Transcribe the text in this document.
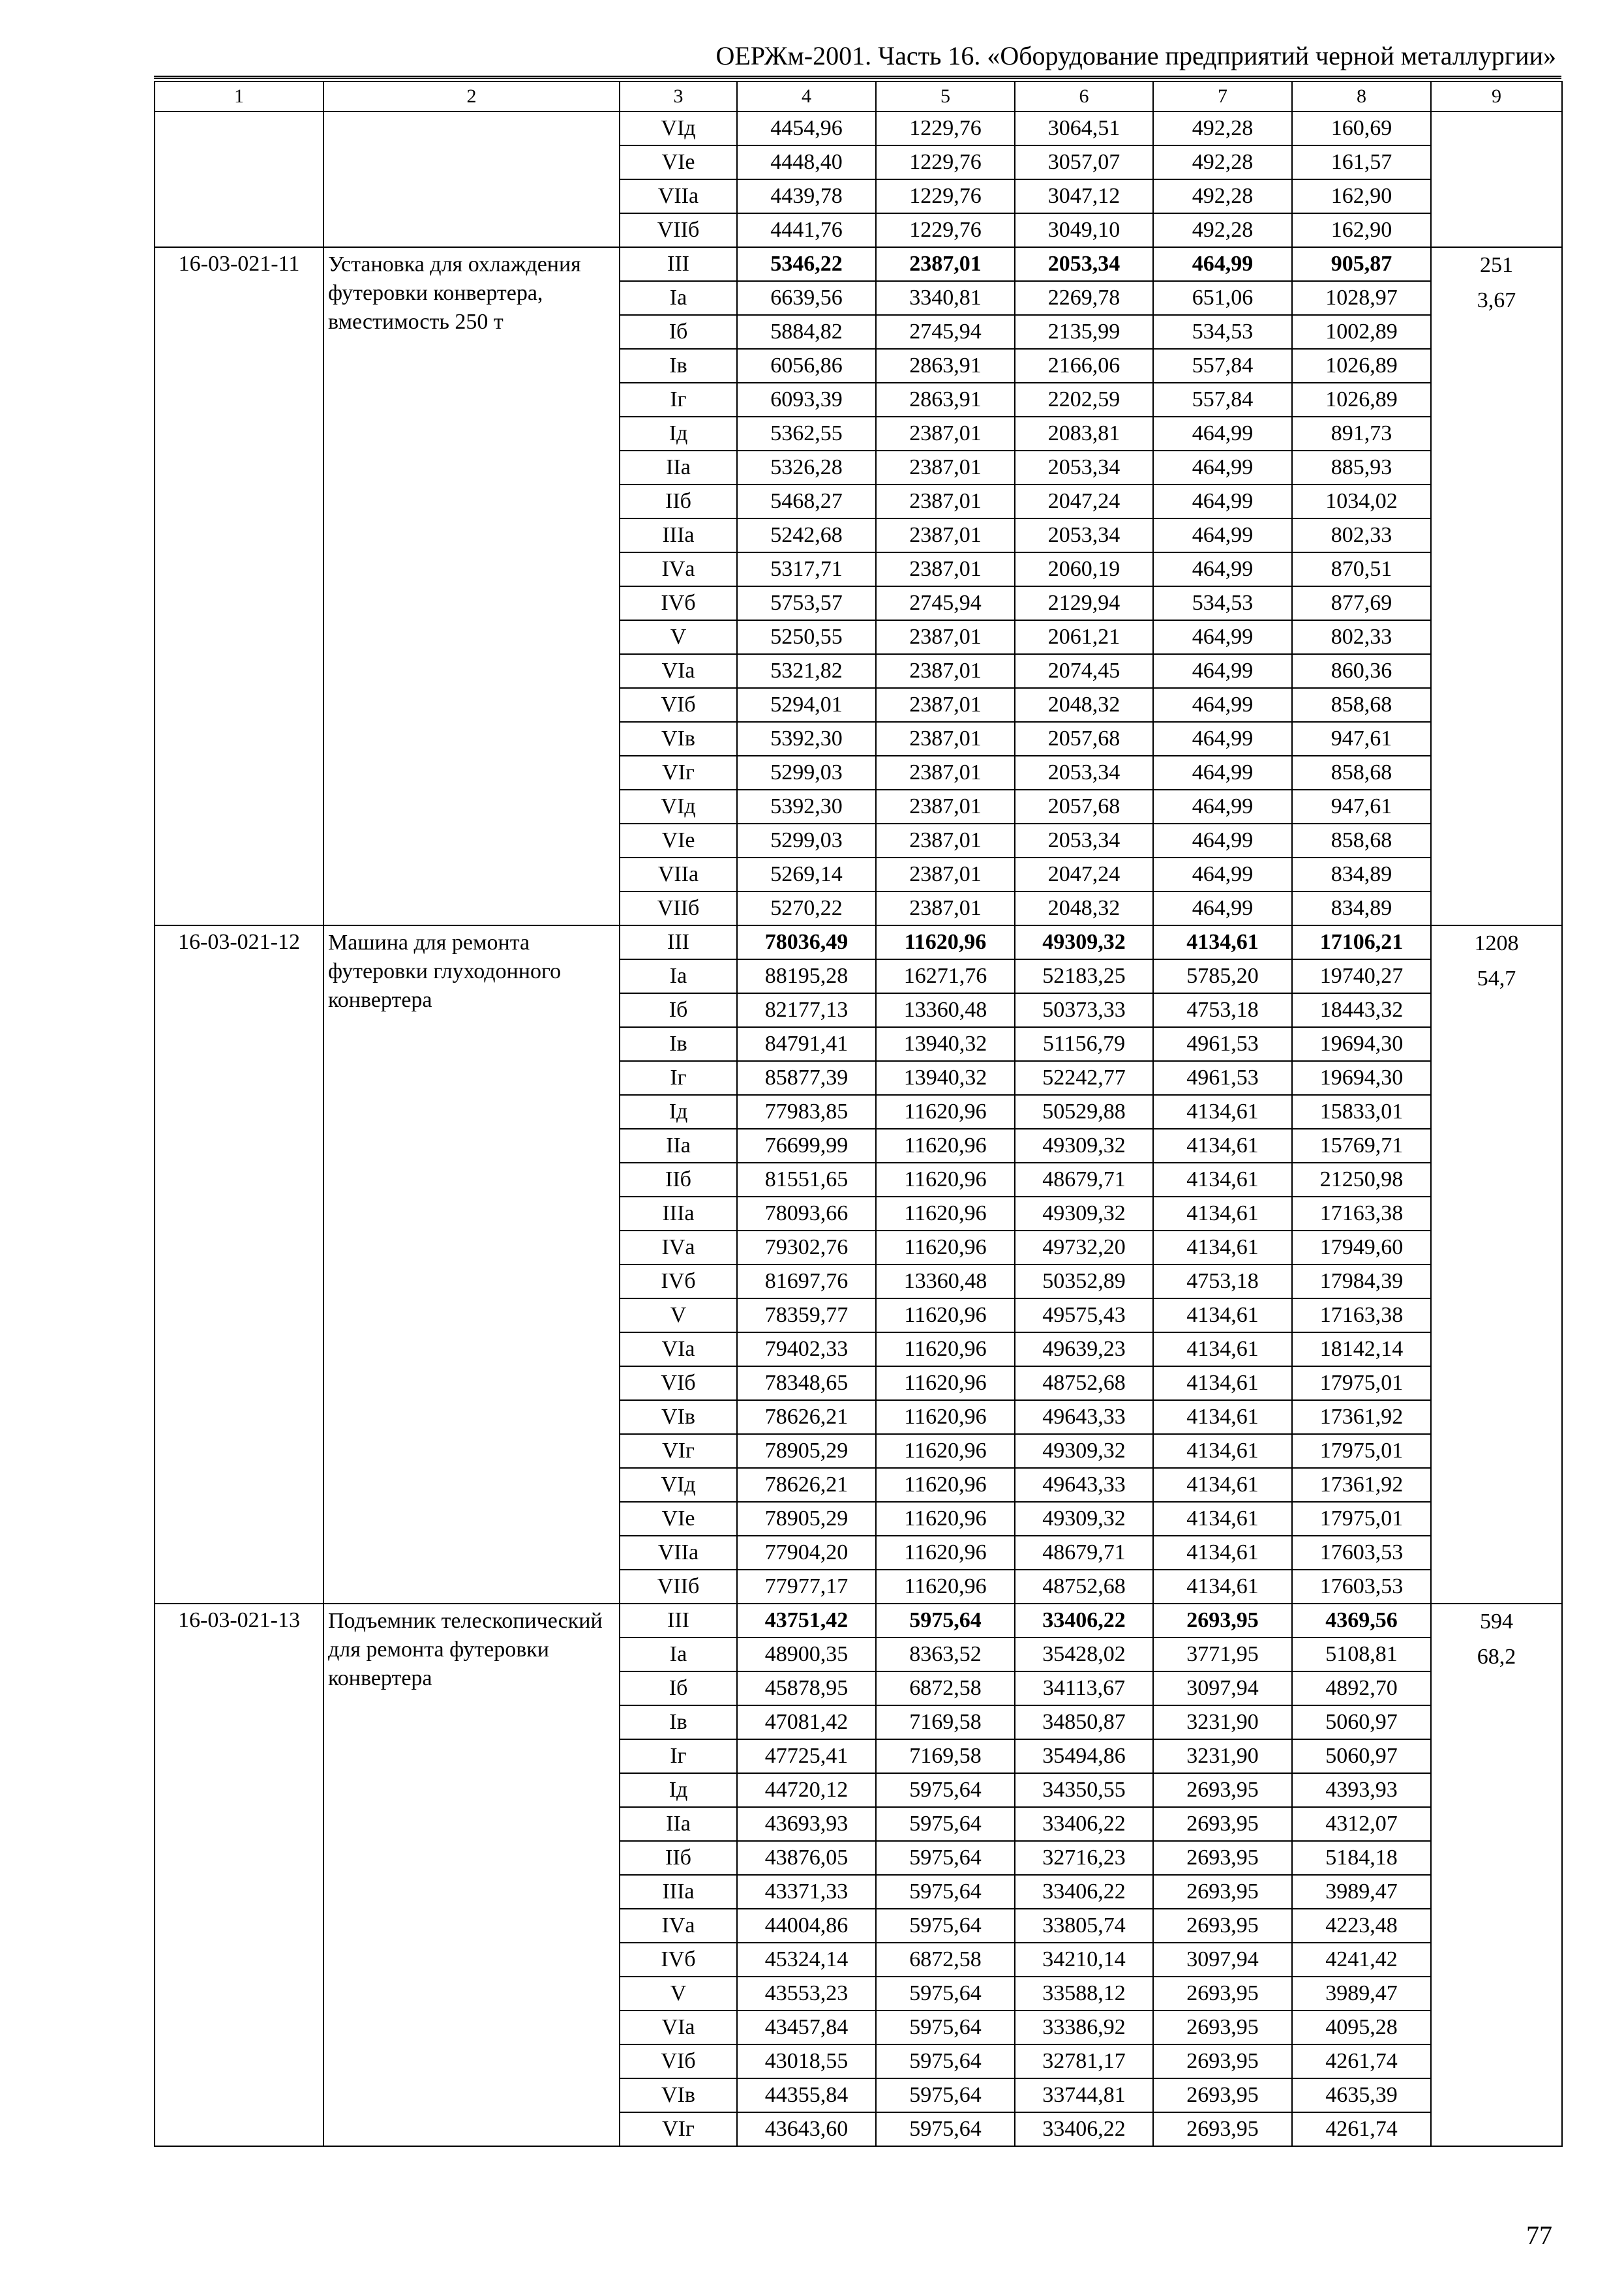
ОЕРЖм-2001. Часть 16. «Оборудование предприятий черной металлургии»
1	2	3	4	5	6	7	8	9
		VIд	4454,96	1229,76	3064,51	492,28	160,69	
		VIе	4448,40	1229,76	3057,07	492,28	161,57	
		VIIа	4439,78	1229,76	3047,12	492,28	162,90	
		VIIб	4441,76	1229,76	3049,10	492,28	162,90	
16-03-021-11	Установка для охлаждения футеровки конвертера, вместимость 250 т	III	5346,22	2387,01	2053,34	464,99	905,87	251
3,67

		Iа	6639,56	3340,81	2269,78	651,06	1028,97	
		Iб	5884,82	2745,94	2135,99	534,53	1002,89	
		Iв	6056,86	2863,91	2166,06	557,84	1026,89	
		Iг	6093,39	2863,91	2202,59	557,84	1026,89	
		Iд	5362,55	2387,01	2083,81	464,99	891,73	
		IIа	5326,28	2387,01	2053,34	464,99	885,93	
		IIб	5468,27	2387,01	2047,24	464,99	1034,02	
		IIIа	5242,68	2387,01	2053,34	464,99	802,33	
		IVа	5317,71	2387,01	2060,19	464,99	870,51	
		IVб	5753,57	2745,94	2129,94	534,53	877,69	
		V	5250,55	2387,01	2061,21	464,99	802,33	
		VIа	5321,82	2387,01	2074,45	464,99	860,36	
		VIб	5294,01	2387,01	2048,32	464,99	858,68	
		VIв	5392,30	2387,01	2057,68	464,99	947,61	
		VIг	5299,03	2387,01	2053,34	464,99	858,68	
		VIд	5392,30	2387,01	2057,68	464,99	947,61	
		VIе	5299,03	2387,01	2053,34	464,99	858,68	
		VIIа	5269,14	2387,01	2047,24	464,99	834,89	
		VIIб	5270,22	2387,01	2048,32	464,99	834,89	
16-03-021-12	Машина для ремонта футеровки глуходонного конвертера	III	78036,49	11620,96	49309,32	4134,61	17106,21	1208
54,7

		Iа	88195,28	16271,76	52183,25	5785,20	19740,27	
		Iб	82177,13	13360,48	50373,33	4753,18	18443,32	
		Iв	84791,41	13940,32	51156,79	4961,53	19694,30	
		Iг	85877,39	13940,32	52242,77	4961,53	19694,30	
		Iд	77983,85	11620,96	50529,88	4134,61	15833,01	
		IIа	76699,99	11620,96	49309,32	4134,61	15769,71	
		IIб	81551,65	11620,96	48679,71	4134,61	21250,98	
		IIIа	78093,66	11620,96	49309,32	4134,61	17163,38	
		IVа	79302,76	11620,96	49732,20	4134,61	17949,60	
		IVб	81697,76	13360,48	50352,89	4753,18	17984,39	
		V	78359,77	11620,96	49575,43	4134,61	17163,38	
		VIа	79402,33	11620,96	49639,23	4134,61	18142,14	
		VIб	78348,65	11620,96	48752,68	4134,61	17975,01	
		VIв	78626,21	11620,96	49643,33	4134,61	17361,92	
		VIг	78905,29	11620,96	49309,32	4134,61	17975,01	
		VIд	78626,21	11620,96	49643,33	4134,61	17361,92	
		VIе	78905,29	11620,96	49309,32	4134,61	17975,01	
		VIIа	77904,20	11620,96	48679,71	4134,61	17603,53	
		VIIб	77977,17	11620,96	48752,68	4134,61	17603,53	
16-03-021-13	Подъемник телескопический для ремонта футеровки конвертера	III	43751,42	5975,64	33406,22	2693,95	4369,56	594
68,2

		Iа	48900,35	8363,52	35428,02	3771,95	5108,81	
		Iб	45878,95	6872,58	34113,67	3097,94	4892,70	
		Iв	47081,42	7169,58	34850,87	3231,90	5060,97	
		Iг	47725,41	7169,58	35494,86	3231,90	5060,97	
		Iд	44720,12	5975,64	34350,55	2693,95	4393,93	
		IIа	43693,93	5975,64	33406,22	2693,95	4312,07	
		IIб	43876,05	5975,64	32716,23	2693,95	5184,18	
		IIIа	43371,33	5975,64	33406,22	2693,95	3989,47	
		IVа	44004,86	5975,64	33805,74	2693,95	4223,48	
		IVб	45324,14	6872,58	34210,14	3097,94	4241,42	
		V	43553,23	5975,64	33588,12	2693,95	3989,47	
		VIа	43457,84	5975,64	33386,92	2693,95	4095,28	
		VIб	43018,55	5975,64	32781,17	2693,95	4261,74	
		VIв	44355,84	5975,64	33744,81	2693,95	4635,39	
		VIг	43643,60	5975,64	33406,22	2693,95	4261,74	
77
